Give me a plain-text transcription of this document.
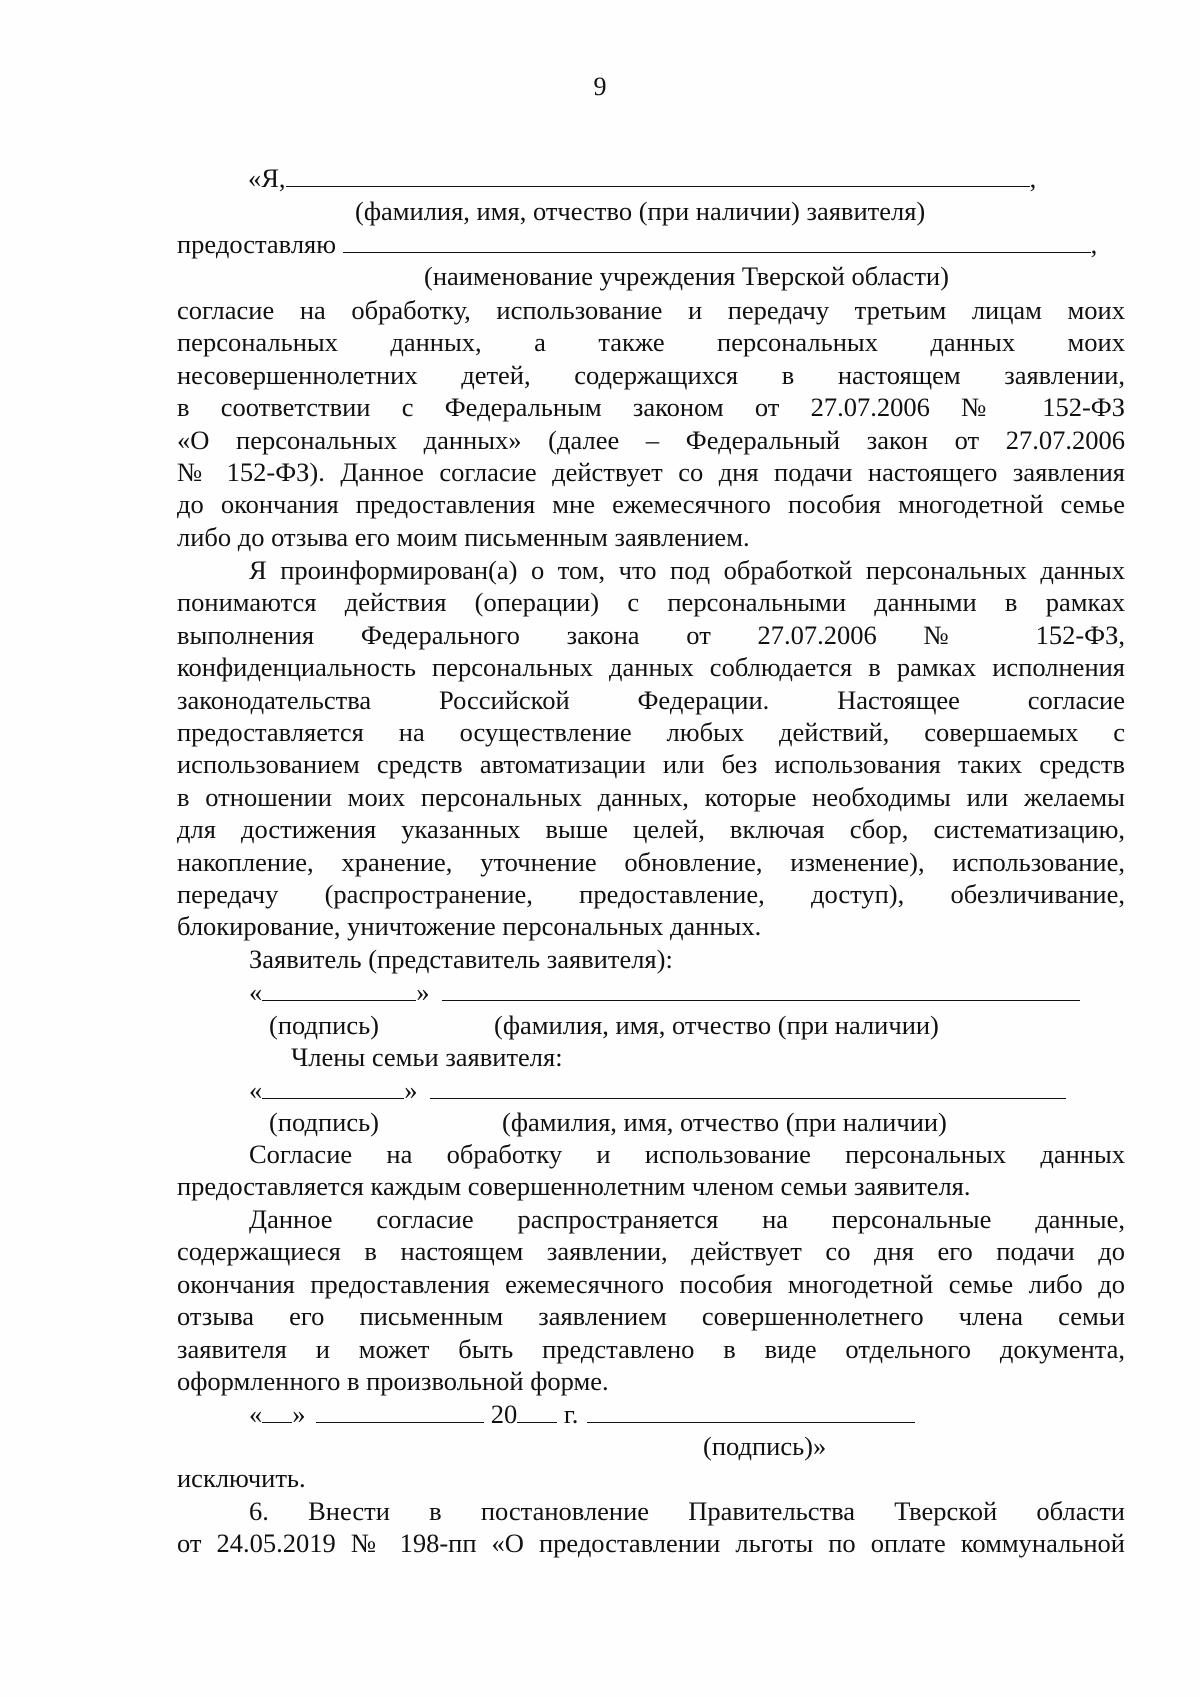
9
«Я,	,
(фамилия, имя, отчество (при наличии) заявителя)
предоставляю	,
(наименование учреждения Тверской области)
согласие на обработку, использование и передачу третьим лицам моих
персональных данных, а также персональных данных моих
несовершеннолетних детей, содержащихся в настоящем заявлении,
в соответствии с Федеральным законом от 27.07.2006 № 152-ФЗ
«О персональных данных» (далее – Федеральный закон от 27.07.2006
№ 152-ФЗ). Данное согласие действует со дня подачи настоящего заявления
до окончания предоставления мне ежемесячного пособия многодетной семье
либо до отзыва его моим письменным заявлением.
Я проинформирован(а) о том, что под обработкой персональных данных
понимаются действия (операции) с персональными данными в рамках
выполнения Федерального закона от 27.07.2006 № 152-ФЗ,
конфиденциальность персональных данных соблюдается в рамках исполнения
законодательства Российской Федерации. Настоящее согласие
предоставляется на осуществление любых действий, совершаемых с
использованием средств автоматизации или без использования таких средств
в отношении моих персональных данных, которые необходимы или желаемы
для достижения указанных выше целей, включая сбор, систематизацию,
накопление, хранение, уточнение обновление, изменение), использование,
передачу (распространение, предоставление, доступ), обезличивание,
блокирование, уничтожение персональных данных.
Заявитель (представитель заявителя):
«	»
(подпись)	(фамилия, имя, отчество (при наличии)
Члены семьи заявителя:
«	»
(подпись)	(фамилия, имя, отчество (при наличии)
Согласие на обработку и использование персональных данных
предоставляется каждым совершеннолетним членом семьи заявителя.
Данное согласие распространяется на персональные данные,
содержащиеся в настоящем заявлении, действует со дня его подачи до
окончания предоставления ежемесячного пособия многодетной семье либо до
отзыва его письменным заявлением совершеннолетнего члена семьи
заявителя и может быть представлено в виде отдельного документа,
оформленного в произвольной форме.
« »	20 г.
(подпись)»
исключить.
6. Внести в постановление Правительства Тверской области
от 24.05.2019 № 198-пп «О предоставлении льготы по оплате коммунальной
